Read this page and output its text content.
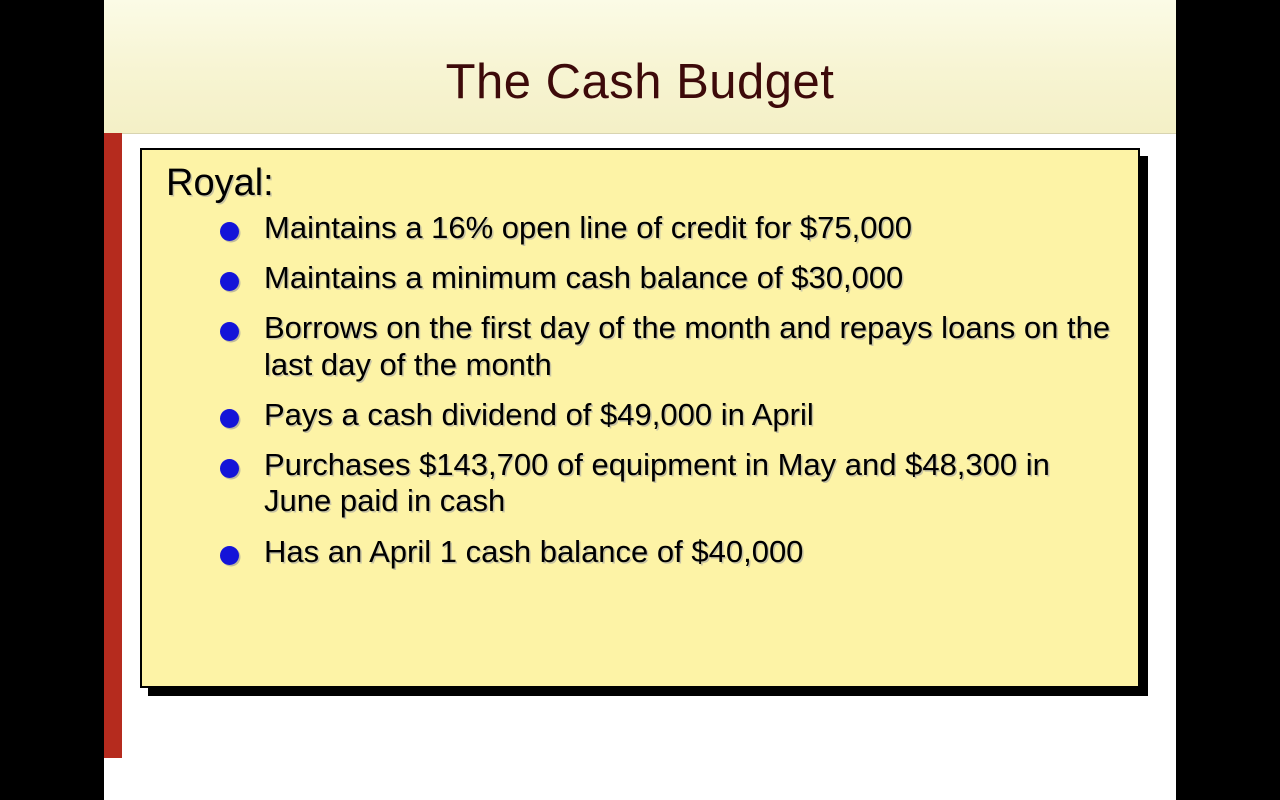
The Cash Budget
Royal:
Maintains a 16% open line of credit for $75,000
Maintains a minimum cash balance of $30,000
Borrows on the first day of the month and repays loans on the last day of the month
Pays a cash dividend of $49,000 in April
Purchases $143,700 of equipment in May and $48,300 in June paid in cash
Has an April 1 cash balance of $40,000
7-57
